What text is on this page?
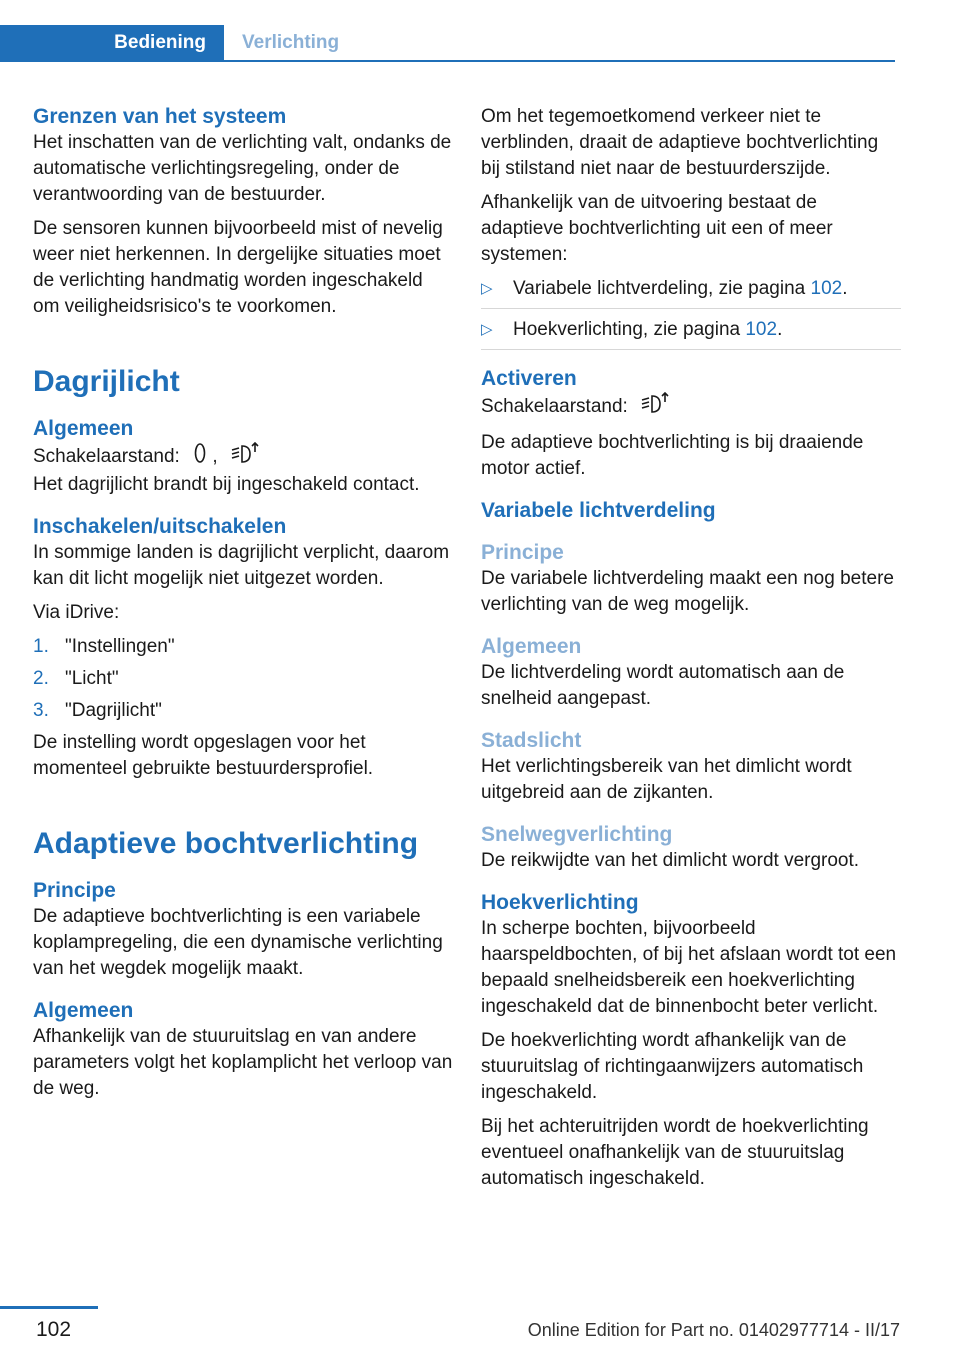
Bediening	Verlichting
Grenzen van het systeem

Het inschatten van de verlichting valt, ondanks de automatische verlichtingsregeling, onder de verantwoording van de bestuurder.

De sensoren kunnen bijvoorbeeld mist of nevelig weer niet herkennen. In dergelijke situaties moet de verlichting handmatig worden ingeschakeld om veiligheidsrisico's te voorkomen.

Dagrijlicht
Algemeen

Schakelaarstand: ,

Het dagrijlicht brandt bij ingeschakeld contact.

Inschakelen/uitschakelen

In sommige landen is dagrijlicht verplicht, daarom kan dit licht mogelijk niet uitgezet worden.

Via iDrive:

1. "Instellingen"
2. "Licht"
3. "Dagrijlicht"

De instelling wordt opgeslagen voor het momenteel gebruikte bestuurdersprofiel.

Adaptieve bochtverlichting
Principe

De adaptieve bochtverlichting is een variabele koplampregeling, die een dynamische verlichting van het wegdek mogelijk maakt.

Algemeen

Afhankelijk van de stuuruitslag en van andere parameters volgt het koplamplicht het verloop van de weg.

Om het tegemoetkomend verkeer niet te verblinden, draait de adaptieve bochtverlichting bij stilstand niet naar de bestuurderszijde.

Afhankelijk van de uitvoering bestaat de adaptieve bochtverlichting uit een of meer systemen:

▷ Variabele lichtverdeling, zie pagina 102.
▷ Hoekverlichting, zie pagina 102.
Activeren

Schakelaarstand:

De adaptieve bochtverlichting is bij draaiende motor actief.

Variabele lichtverdeling
Principe

De variabele lichtverdeling maakt een nog betere verlichting van de weg mogelijk.

Algemeen

De lichtverdeling wordt automatisch aan de snelheid aangepast.

Stadslicht

Het verlichtingsbereik van het dimlicht wordt uitgebreid aan de zijkanten.

Snelwegverlichting

De reikwijdte van het dimlicht wordt vergroot.

Hoekverlichting

In scherpe bochten, bijvoorbeeld haarspeldbochten, of bij het afslaan wordt tot een bepaald snelheidsbereik een hoekverlichting ingeschakeld dat de binnenbocht beter verlicht.

De hoekverlichting wordt afhankelijk van de stuuruitslag of richtingaanwijzers automatisch ingeschakeld.

Bij het achteruitrijden wordt de hoekverlichting eventueel onafhankelijk van de stuuruitslag automatisch ingeschakeld.

102	Online Edition for Part no. 01402977714 - II/17
